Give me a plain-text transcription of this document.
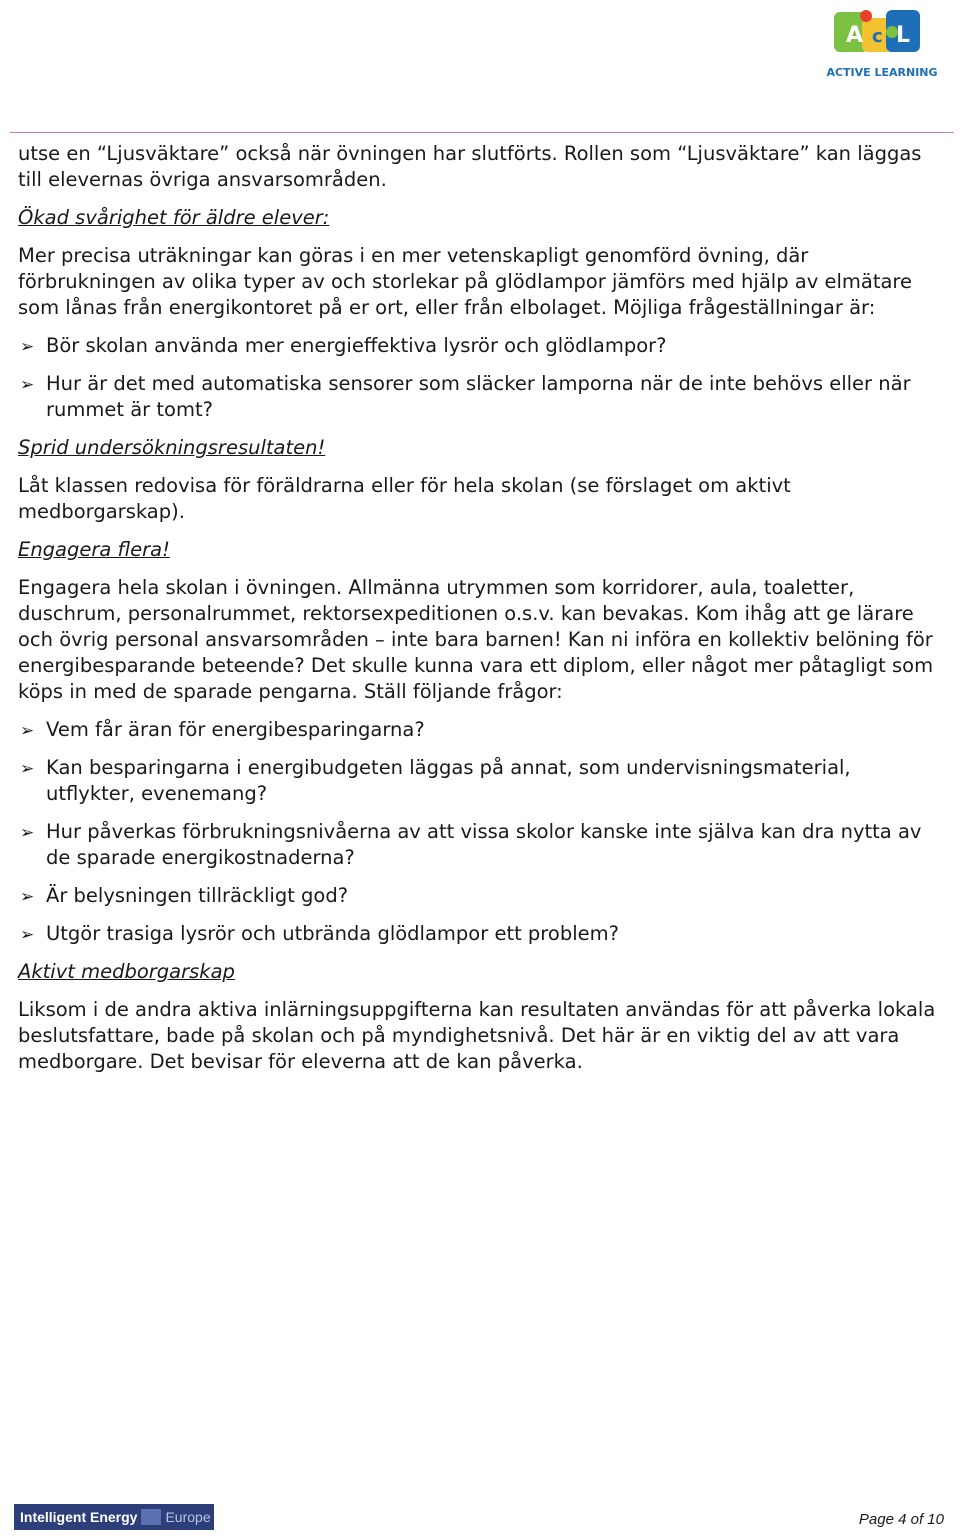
A c L
ACTIVE LEARNING

utse en “Ljusväktare” också när övningen har slutförts. Rollen som “Ljusväktare” kan läggas till elevernas övriga ansvarsområden.

Ökad svårighet för äldre elever:

Mer precisa uträkningar kan göras i en mer vetenskapligt genomförd övning, där förbrukningen av olika typer av och storlekar på glödlampor jämförs med hjälp av elmätare som lånas från energikontoret på er ort, eller från elbolaget. Möjliga frågeställningar är:

➢ Bör skolan använda mer energieffektiva lysrör och glödlampor?
➢ Hur är det med automatiska sensorer som släcker lamporna när de inte behövs eller när rummet är tomt?

Sprid undersökningsresultaten!

Låt klassen redovisa för föräldrarna eller för hela skolan (se förslaget om aktivt medborgarskap).

Engagera flera!

Engagera hela skolan i övningen. Allmänna utrymmen som korridorer, aula, toaletter, duschrum, personalrummet, rektorsexpeditionen o.s.v. kan bevakas. Kom ihåg att ge lärare och övrig personal ansvarsområden – inte bara barnen! Kan ni införa en kollektiv belöning för energibesparande beteende? Det skulle kunna vara ett diplom, eller något mer påtagligt som köps in med de sparade pengarna. Ställ följande frågor:

➢ Vem får äran för energibesparingarna?
➢ Kan besparingarna i energibudgeten läggas på annat, som undervisningsmaterial, utflykter, evenemang?
➢ Hur påverkas förbrukningsnivåerna av att vissa skolor kanske inte själva kan dra nytta av de sparade energikostnaderna?
➢ Är belysningen tillräckligt god?
➢ Utgör trasiga lysrör och utbrända glödlampor ett problem?

Aktivt medborgarskap

Liksom i de andra aktiva inlärningsuppgifterna kan resultaten användas för att påverka lokala beslutsfattare, bade på skolan och på myndighetsnivå. Det här är en viktig del av att vara medborgare. Det bevisar för eleverna att de kan påverka.

Intelligent Energy Europe	Page 4 of 10
